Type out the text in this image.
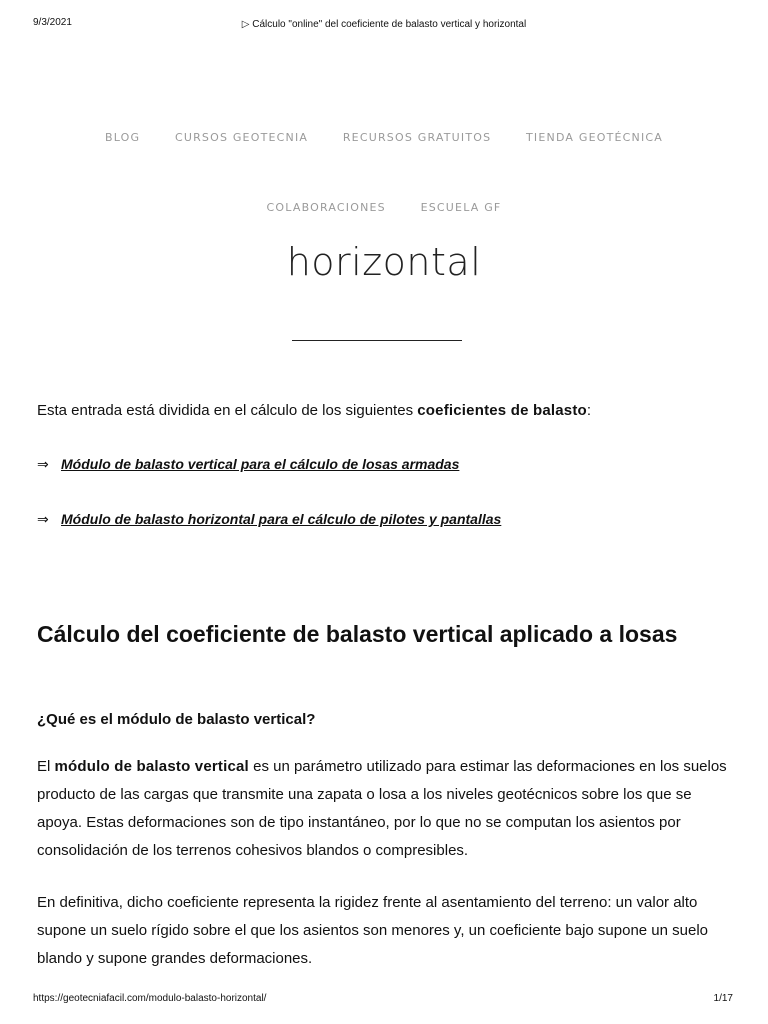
9/3/2021	▷ Cálculo "online" del coeficiente de balasto vertical y horizontal
BLOG	CURSOS GEOTECNIA	RECURSOS GRATUITOS	TIENDA GEOTÉCNICA
COLABORACIONES	ESCUELA GF
horizontal

Esta entrada está dividida en el cálculo de los siguientes coeficientes de balasto:

⇒ Módulo de balasto vertical para el cálculo de losas armadas
⇒ Módulo de balasto horizontal para el cálculo de pilotes y pantallas
Cálculo del coeficiente de balasto vertical aplicado a losas
¿Qué es el módulo de balasto vertical?

El módulo de balasto vertical es un parámetro utilizado para estimar las deformaciones en los suelos producto de las cargas que transmite una zapata o losa a los niveles geotécnicos sobre los que se apoya. Estas deformaciones son de tipo instantáneo, por lo que no se computan los asientos por consolidación de los terrenos cohesivos blandos o compresibles.

En definitiva, dicho coeficiente representa la rigidez frente al asentamiento del terreno: un valor alto supone un suelo rígido sobre el que los asientos son menores y, un coeficiente bajo supone un suelo blando y supone grandes deformaciones.

https://geotecniafacil.com/modulo-balasto-horizontal/	1/17
